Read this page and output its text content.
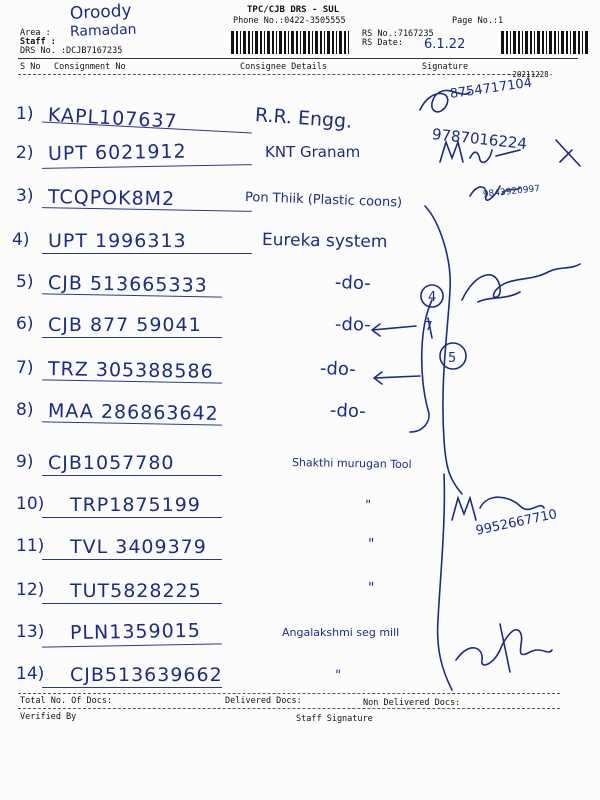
TPC/CJB DRS - SUL
Phone No.:0422-3505555	Page No.:1
Area :
Staff :
DRS No. :DCJB7167235
RS No.:7167235
RS Date:
Oroody
Ramadan
6.1.22
S No Consignment No	Consignee Details	Signature
-20211228-
1) KAPL107637	R.R. Engg.
2) UPT 6021912	KNT Granam
3) TCQPOK8M2	Pon Thiik (Plastic coons)
4) UPT 1996313	Eureka system
5) CJB 513665333	-do-
6) CJB 877 59041	-do-
7) TRZ 305388586	-do-
8) MAA 286863642	-do-
9) CJB1057780	Shakthi murugan Tool
10) TRP1875199	"
11) TVL 3409379	"
12) TUT5828225	"
13) PLN1359015	Angalakshmi seg mill
14) CJB513639662	"
8754717104
9787016224
9843920997
9952667710
4
5
7
Total No. Of Docs:	Delivered Docs:	Non Delivered Docs:
Verified By	Staff Signature
